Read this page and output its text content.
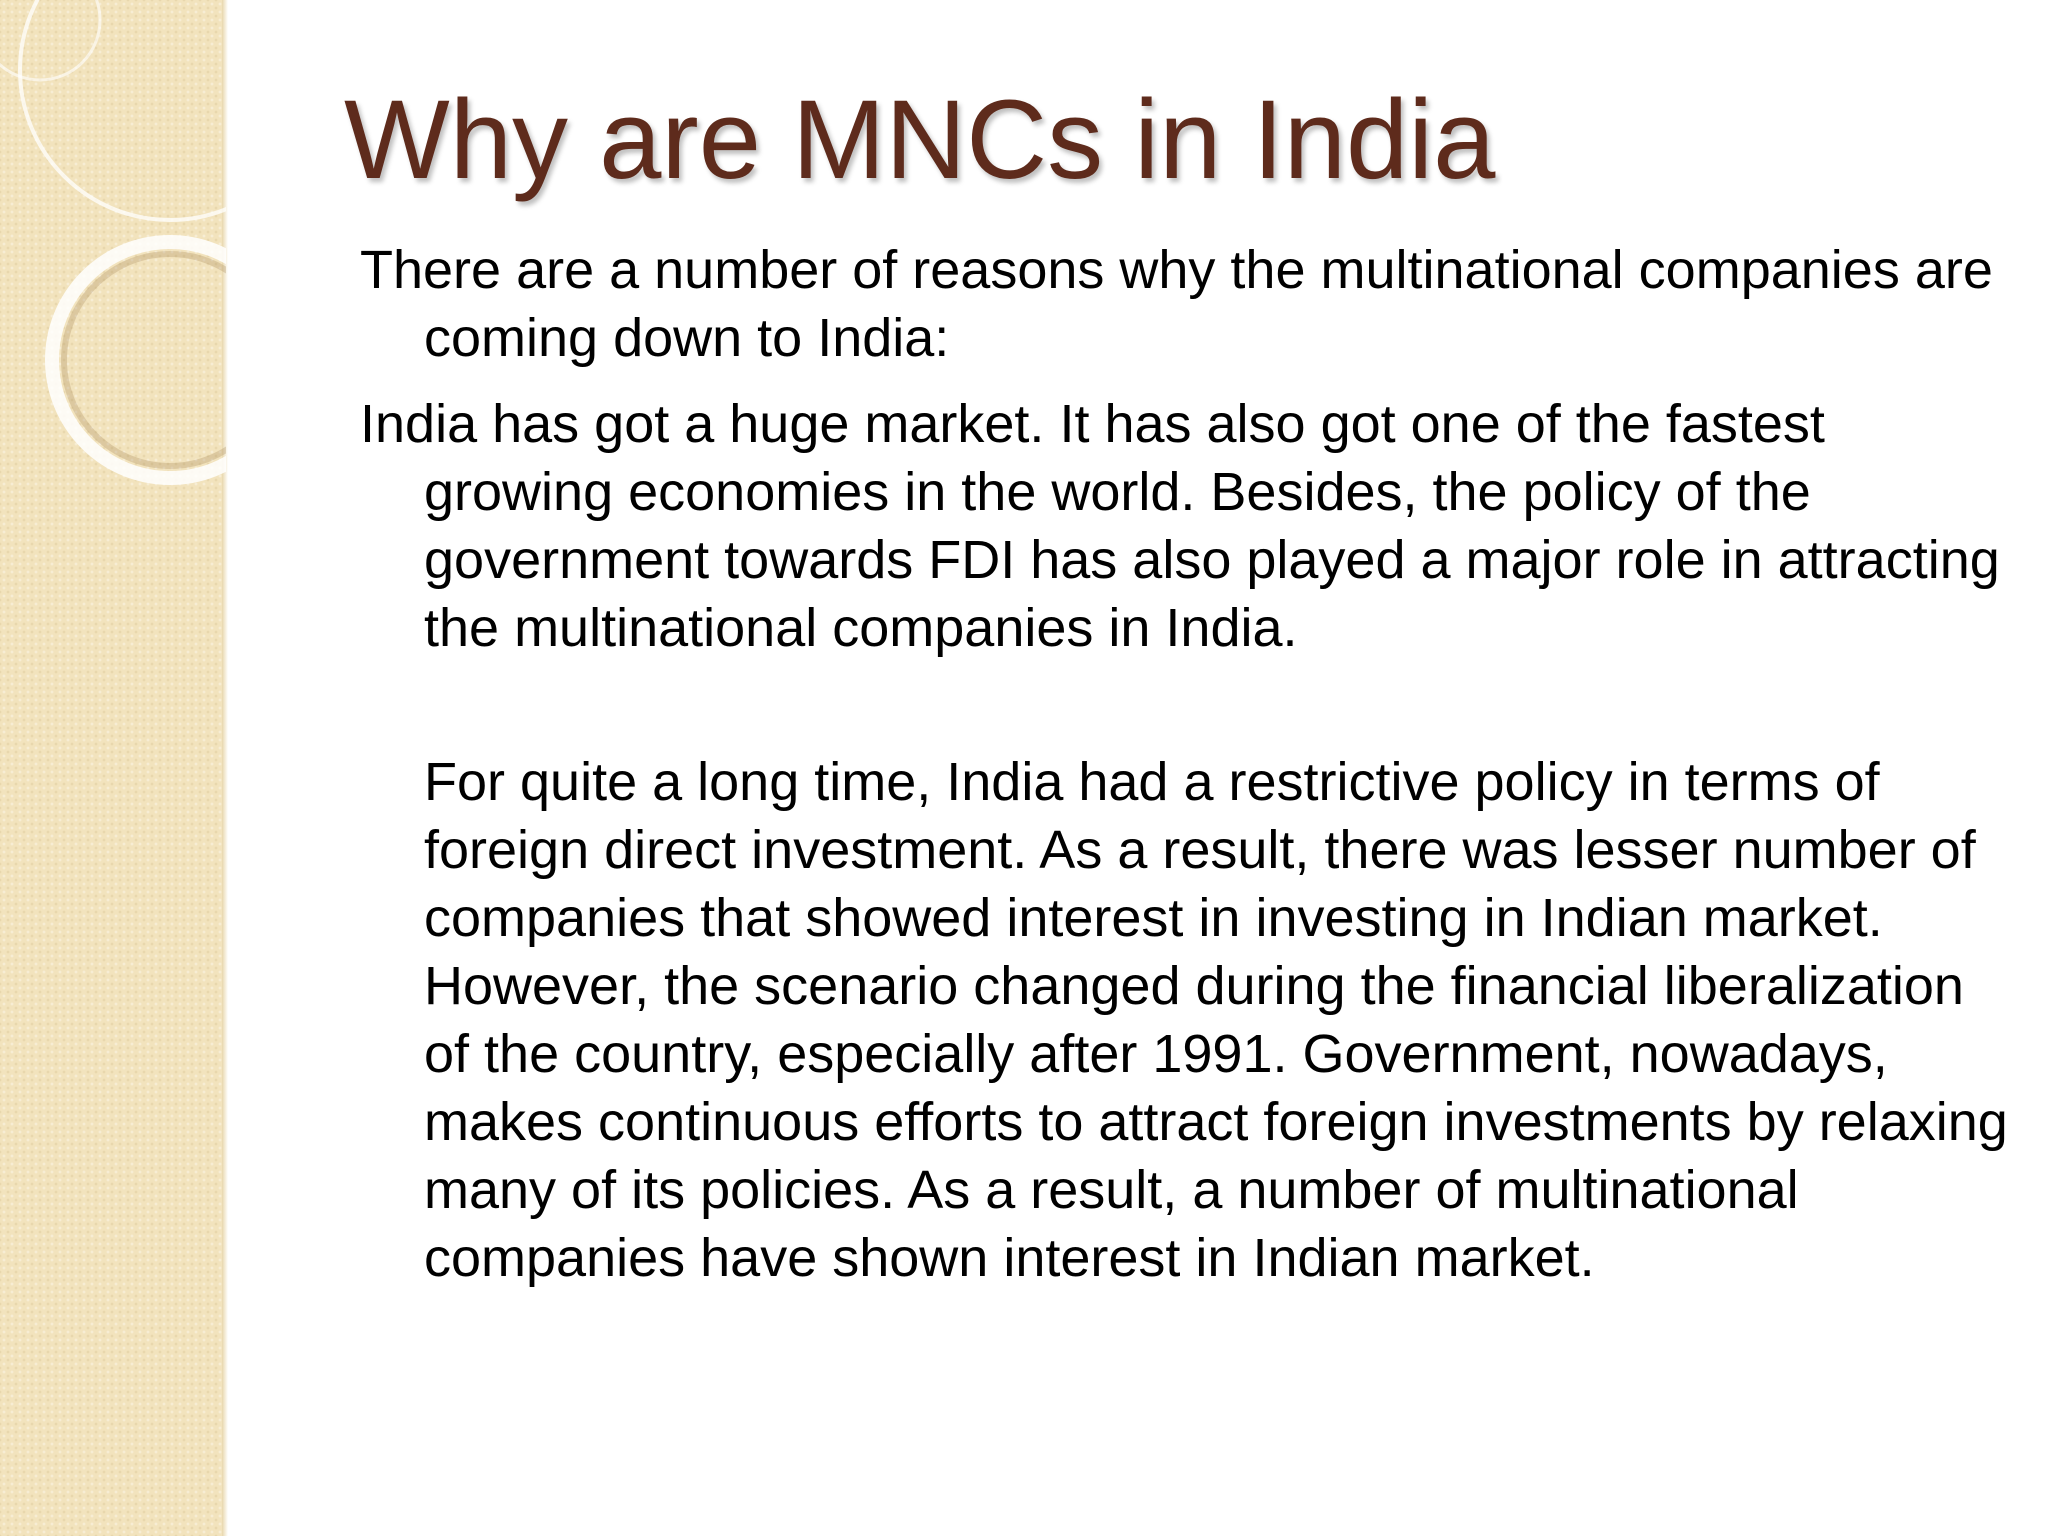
Why are MNCs in India

There are a number of reasons why the multinational companies are coming down to India:

India has got a huge market. It has also got one of the fastest growing economies in the world. Besides, the policy of the government towards FDI has also played a major role in attracting the multinational companies in India.

For quite a long time, India had a restrictive policy in terms of foreign direct investment. As a result, there was lesser number of companies that showed interest in investing in Indian market. However, the scenario changed during the financial liberalization of the country, especially after 1991. Government, nowadays, makes continuous efforts to attract foreign investments by relaxing many of its policies. As a result, a number of multinational companies have shown interest in Indian market.
